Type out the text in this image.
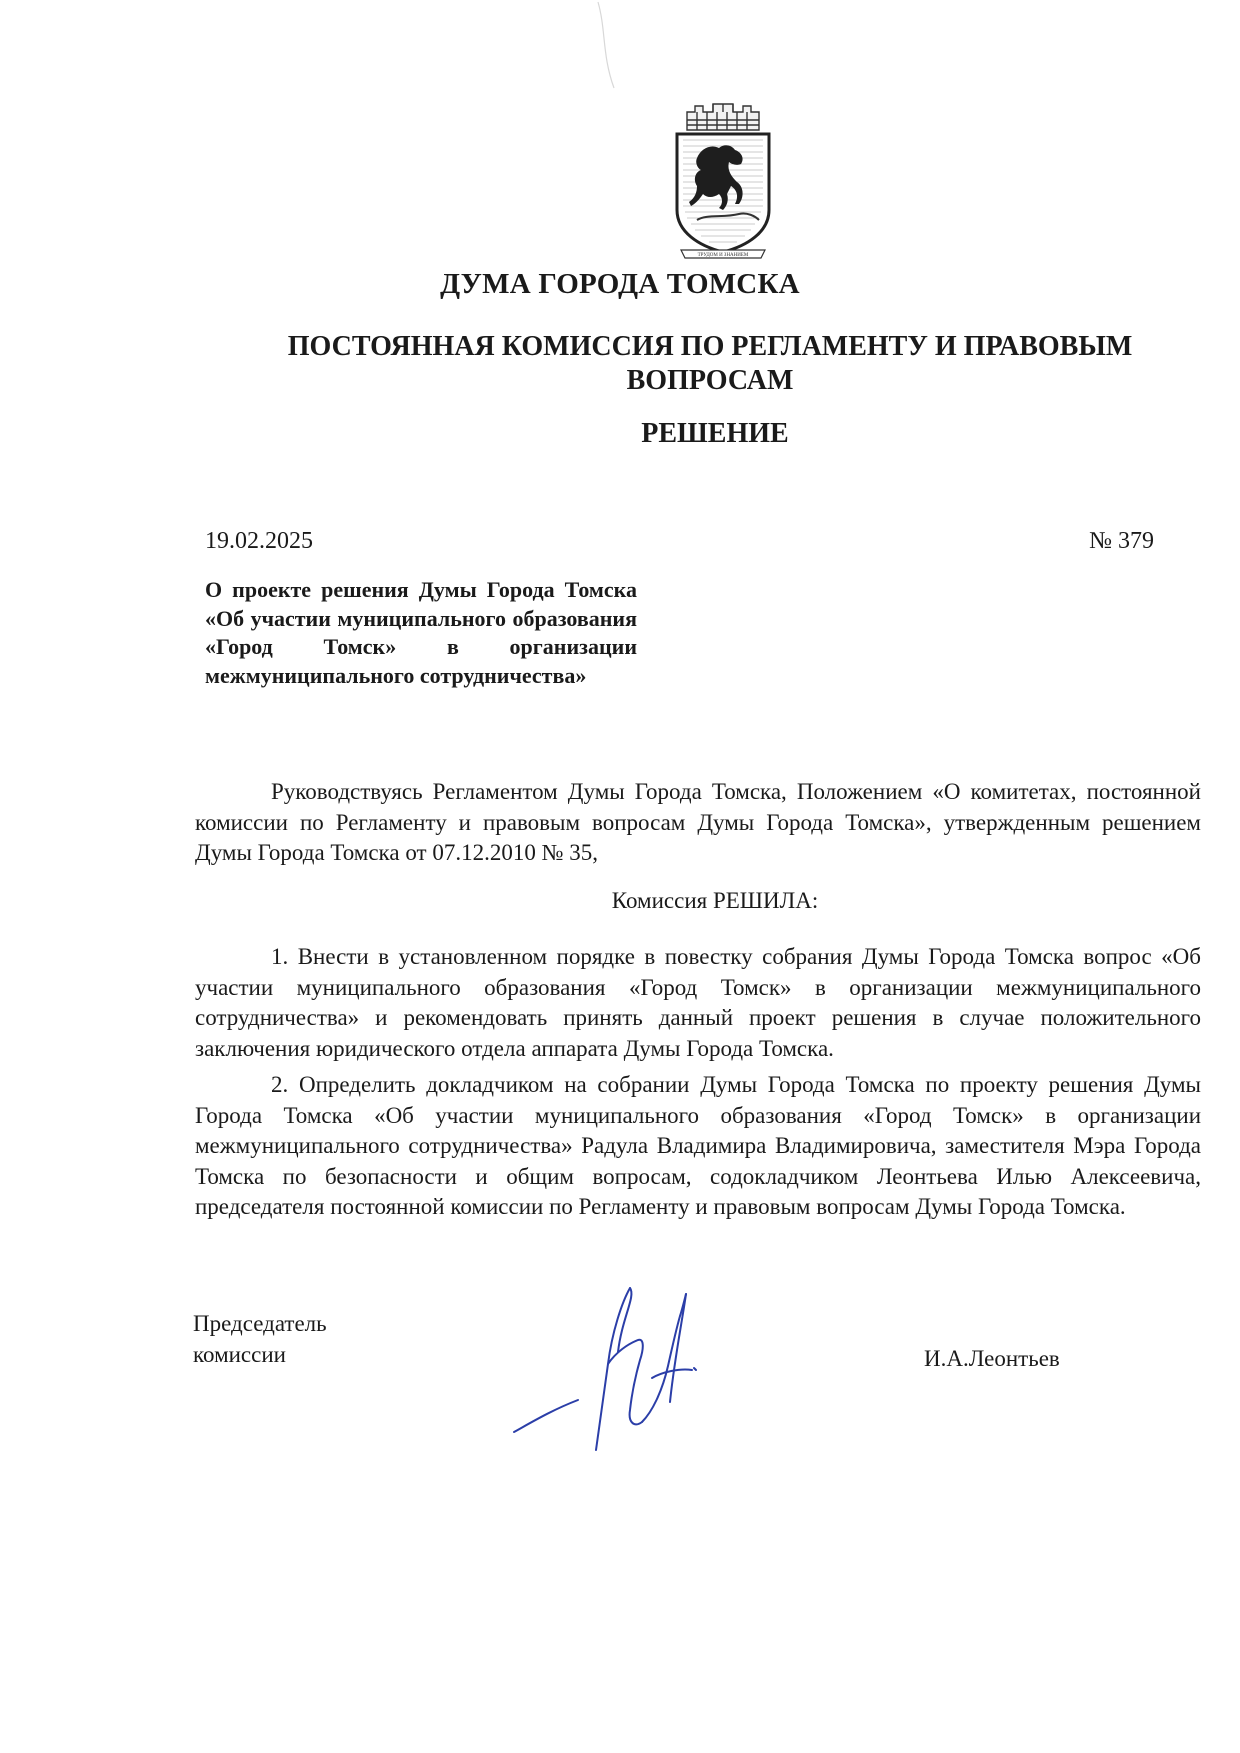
ТРУДОМ И ЗНАНИЕМ
ДУМА ГОРОДА ТОМСКА
ПОСТОЯННАЯ КОМИССИЯ ПО РЕГЛАМЕНТУ И ПРАВОВЫМ ВОПРОСАМ
РЕШЕНИЕ
19.02.2025	№ 379
О проекте решения Думы Города Томска «Об участии муниципального образования «Город Томск» в организации межмуниципального сотрудничества»
Руководствуясь Регламентом Думы Города Томска, Положением «О комитетах, постоянной комиссии по Регламенту и правовым вопросам Думы Города Томска», утвержденным решением Думы Города Томска от 07.12.2010 № 35,
Комиссия РЕШИЛА:
1. Внести в установленном порядке в повестку собрания Думы Города Томска вопрос «Об участии муниципального образования «Город Томск» в организации межмуниципального сотрудничества» и рекомендовать принять данный проект решения в случае положительного заключения юридического отдела аппарата Думы Города Томска.
2. Определить докладчиком на собрании Думы Города Томска по проекту решения Думы Города Томска «Об участии муниципального образования «Город Томск» в организации межмуниципального сотрудничества» Радула Владимира Владимировича, заместителя Мэра Города Томска по безопасности и общим вопросам, содокладчиком Леонтьева Илью Алексеевича, председателя постоянной комиссии по Регламенту и правовым вопросам Думы Города Томска.
Председатель
комиссии	И.А.Леонтьев
